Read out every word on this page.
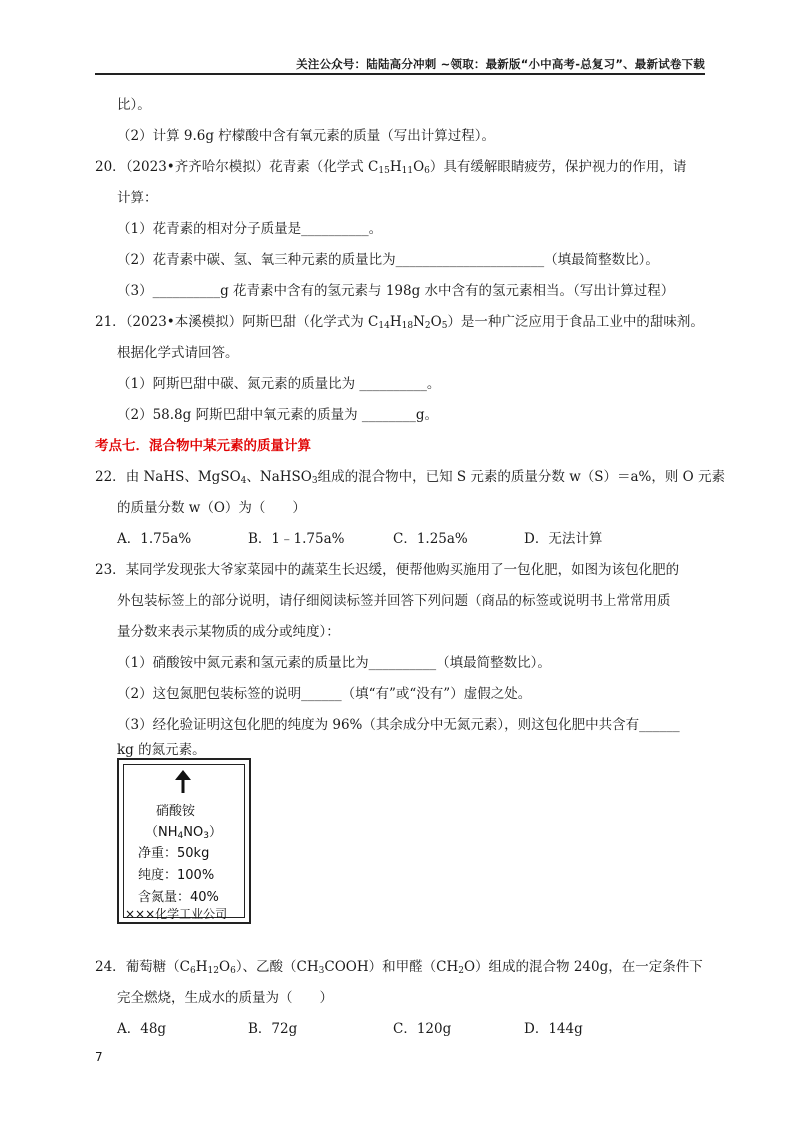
关注公众号：陆陆高分冲刺 ~领取：最新版“小中高考-总复习”、最新试卷下载
比）。
（2）计算 9.6g 柠檬酸中含有氧元素的质量（写出计算过程）。
20．（2023•齐齐哈尔模拟）花青素（化学式 $C_{15}H_{11}O_6$）具有缓解眼睛疲劳，保护视力的作用，请
计算：
（1）花青素的相对分子质量是__________。
（2）花青素中碳、氢、氧三种元素的质量比为______________________（填最简整数比）。
（3）__________g 花青素中含有的氢元素与 198g 水中含有的氢元素相当。（写出计算过程）
21．（2023•本溪模拟）阿斯巴甜（化学式为 $C_{14}H_{18}N_2O_5$）是一种广泛应用于食品工业中的甜味剂。
根据化学式请回答。
（1）阿斯巴甜中碳、氮元素的质量比为 __________。
（2）58.8g 阿斯巴甜中氧元素的质量为 ________g。
考点七．混合物中某元素的质量计算
22．由 NaHS、MgSO$_4$、NaHSO$_3$组成的混合物中，已知 S 元素的质量分数 w（S）＝a%，则 O 元素
的质量分数 w（O）为（　　）
A．1.75a%	B．1﹣1.75a%	C．1.25a%	D．无法计算
23．某同学发现张大爷家菜园中的蔬菜生长迟缓，便帮他购买施用了一包化肥，如图为该包化肥的
外包装标签上的部分说明，请仔细阅读标签并回答下列问题（商品的标签或说明书上常常用质
量分数来表示某物质的成分或纯度）：
（1）硝酸铵中氮元素和氢元素的质量比为__________（填最简整数比）。
（2）这包氮肥包装标签的说明______（填“有”或“没有”）虚假之处。
（3）经化验证明这包化肥的纯度为 96%（其余成分中无氮元素），则这包化肥中共含有______
kg 的氮元素。
硝酸铵
$(NH_4NO_3)$
净重：50kg
纯度：100%
含氮量：40%
×××化学工业公司
24．葡萄糖$(C_6H_{12}O_6)$、乙酸$(CH_3COOH)$和甲醛$(CH_2O)$组成的混合物 240g，在一定条件下
完全燃烧，生成水的质量为（　　）
A．48g	B．72g	C．120g	D．144g
7
